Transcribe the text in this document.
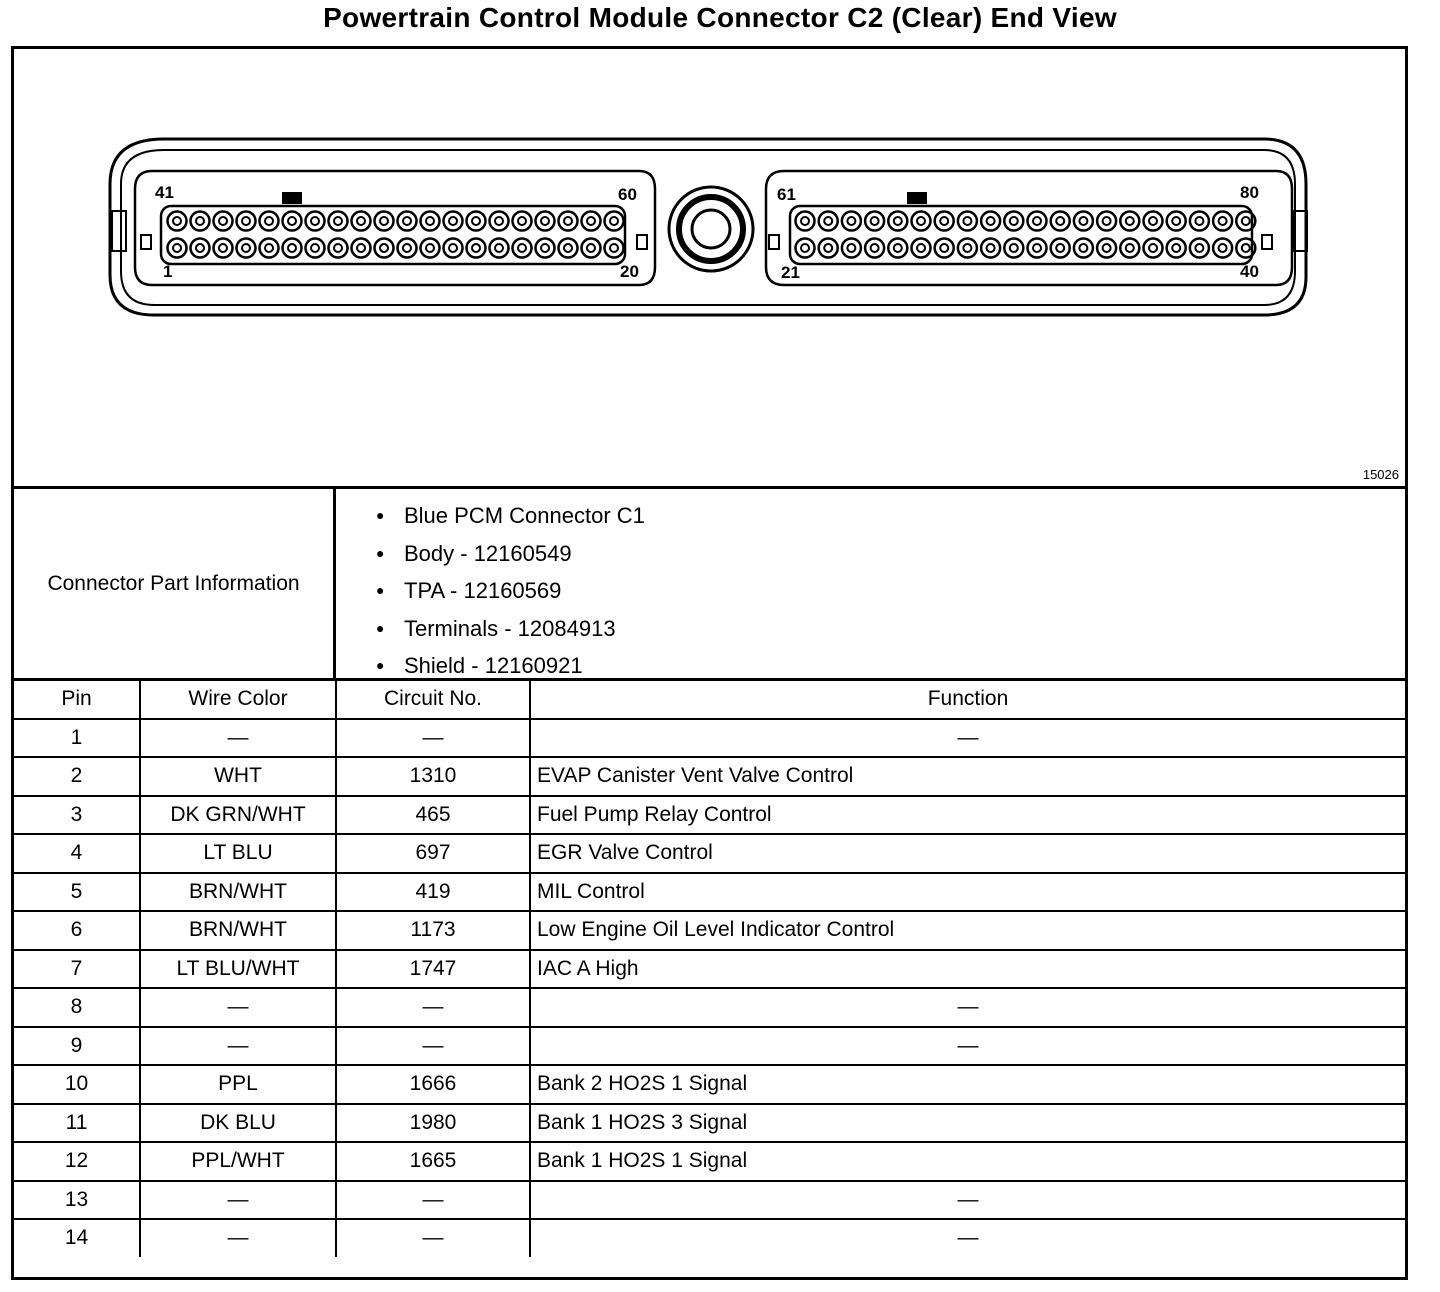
Powertrain Control Module Connector C2 (Clear) End View
41	60
1	20
61	80
21	40
15026
Connector Part Information
● Blue PCM Connector C1
● Body - 12160549
● TPA - 12160569
● Terminals - 12084913
● Shield - 12160921
Pin	Wire Color	Circuit No.	Function
1	—	—	—
2	WHT	1310	EVAP Canister Vent Valve Control
3	DK GRN/WHT	465	Fuel Pump Relay Control
4	LT BLU	697	EGR Valve Control
5	BRN/WHT	419	MIL Control
6	BRN/WHT	1173	Low Engine Oil Level Indicator Control
7	LT BLU/WHT	1747	IAC A High
8	—	—	—
9	—	—	—
10	PPL	1666	Bank 2 HO2S 1 Signal
11	DK BLU	1980	Bank 1 HO2S 3 Signal
12	PPL/WHT	1665	Bank 1 HO2S 1 Signal
13	—	—	—
14	—	—	—
